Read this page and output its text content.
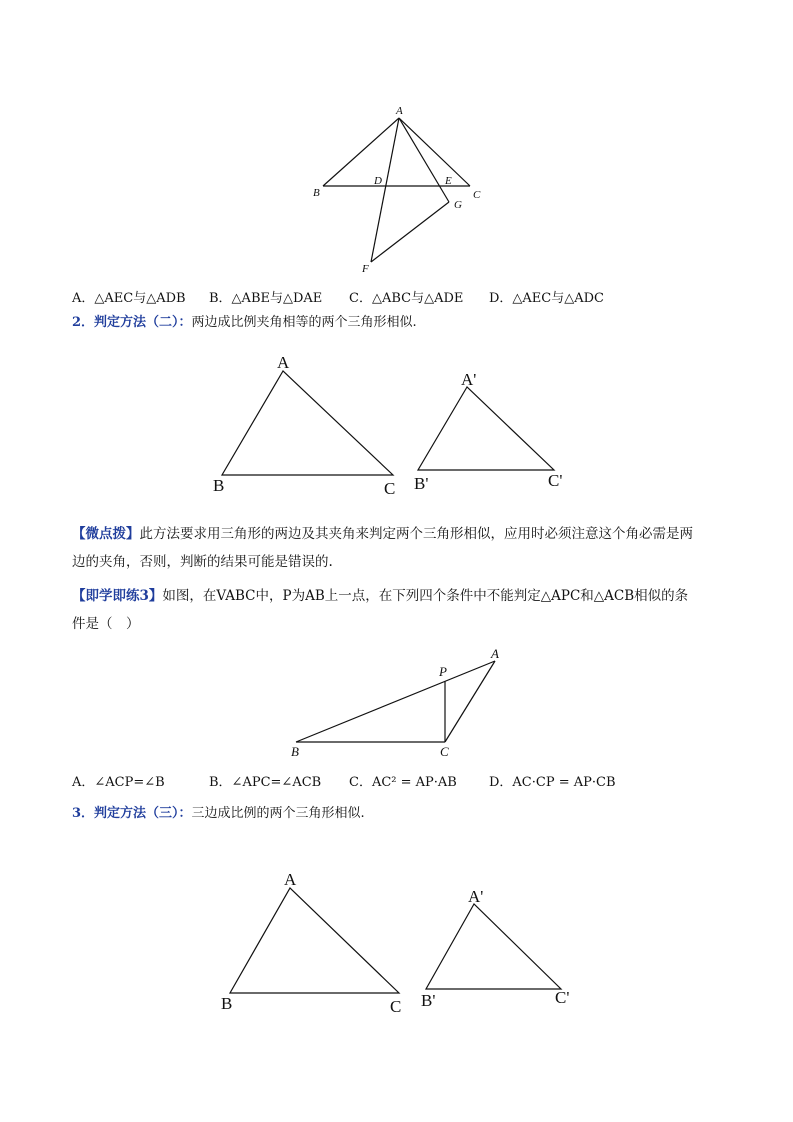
A
B	C
D	E
F
G
A．△AEC与△ADB B．△ABE与△DAE C．△ABC与△ADE D．△AEC与△ADC
2．判定方法（二）：两边成比例夹角相等的两个三角形相似.
A
B	C
A'
B'	C'
【微点拨】此方法要求用三角形的两边及其夹角来判定两个三角形相似，应用时必须注意这个角必需是两
边的夹角，否则，判断的结果可能是错误的.
【即学即练3】如图，在VABC中，P为AB上一点，在下列四个条件中不能判定△APC和△ACB相似的条
件是（　）
P
A
B	C
A．∠ACP=∠B	B．∠APC=∠ACB C．AC² = AP·AB D．AC·CP = AP·CB
3．判定方法（三）：三边成比例的两个三角形相似.
A
B	C
A'
B'	C'
